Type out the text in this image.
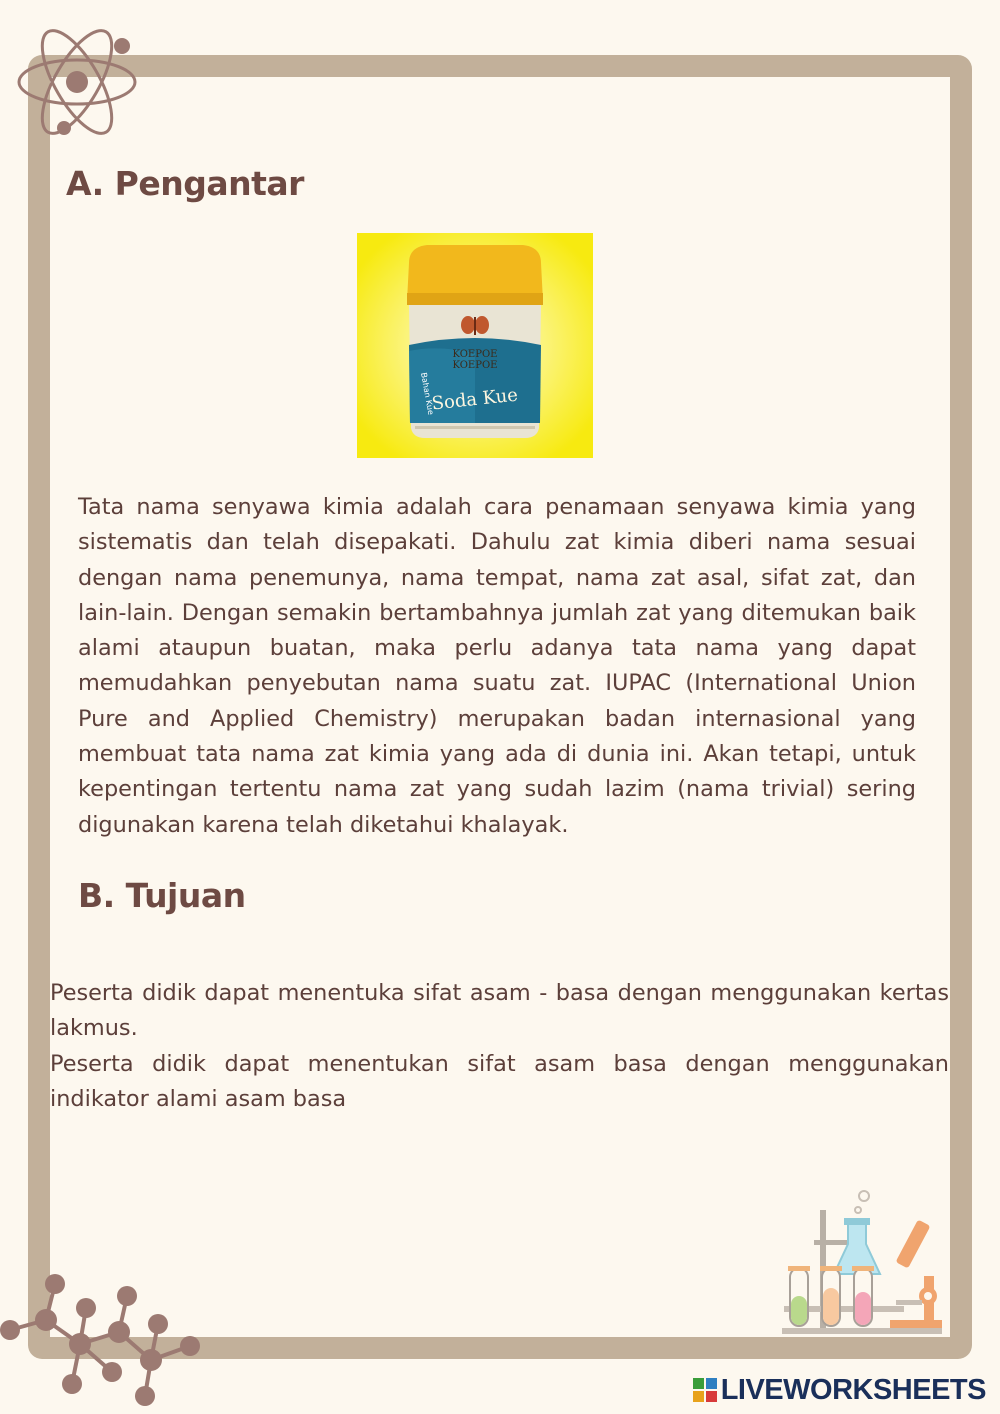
A. Pengantar
KOEPOE
KOEPOE
Soda Kue
Bahan Kue

Tata nama senyawa kimia adalah cara penamaan senyawa kimia yang sistematis dan telah disepakati. Dahulu zat kimia diberi nama sesuai dengan nama penemunya, nama tempat, nama zat asal, sifat zat, dan lain-lain. Dengan semakin bertambahnya jumlah zat yang ditemukan baik alami ataupun buatan, maka perlu adanya tata nama yang dapat memudahkan penyebutan nama suatu zat. IUPAC (International Union Pure and Applied Chemistry) merupakan badan internasional yang membuat tata nama zat kimia yang ada di dunia ini. Akan tetapi, untuk kepentingan tertentu nama zat yang sudah lazim (nama trivial) sering digunakan karena telah diketahui khalayak.

B. Tujuan

Peserta didik dapat menentuka sifat asam - basa dengan menggunakan kertas lakmus.

Peserta didik dapat menentukan sifat asam basa dengan menggunakan indikator alami asam basa

LIVEWORKSHEETS
